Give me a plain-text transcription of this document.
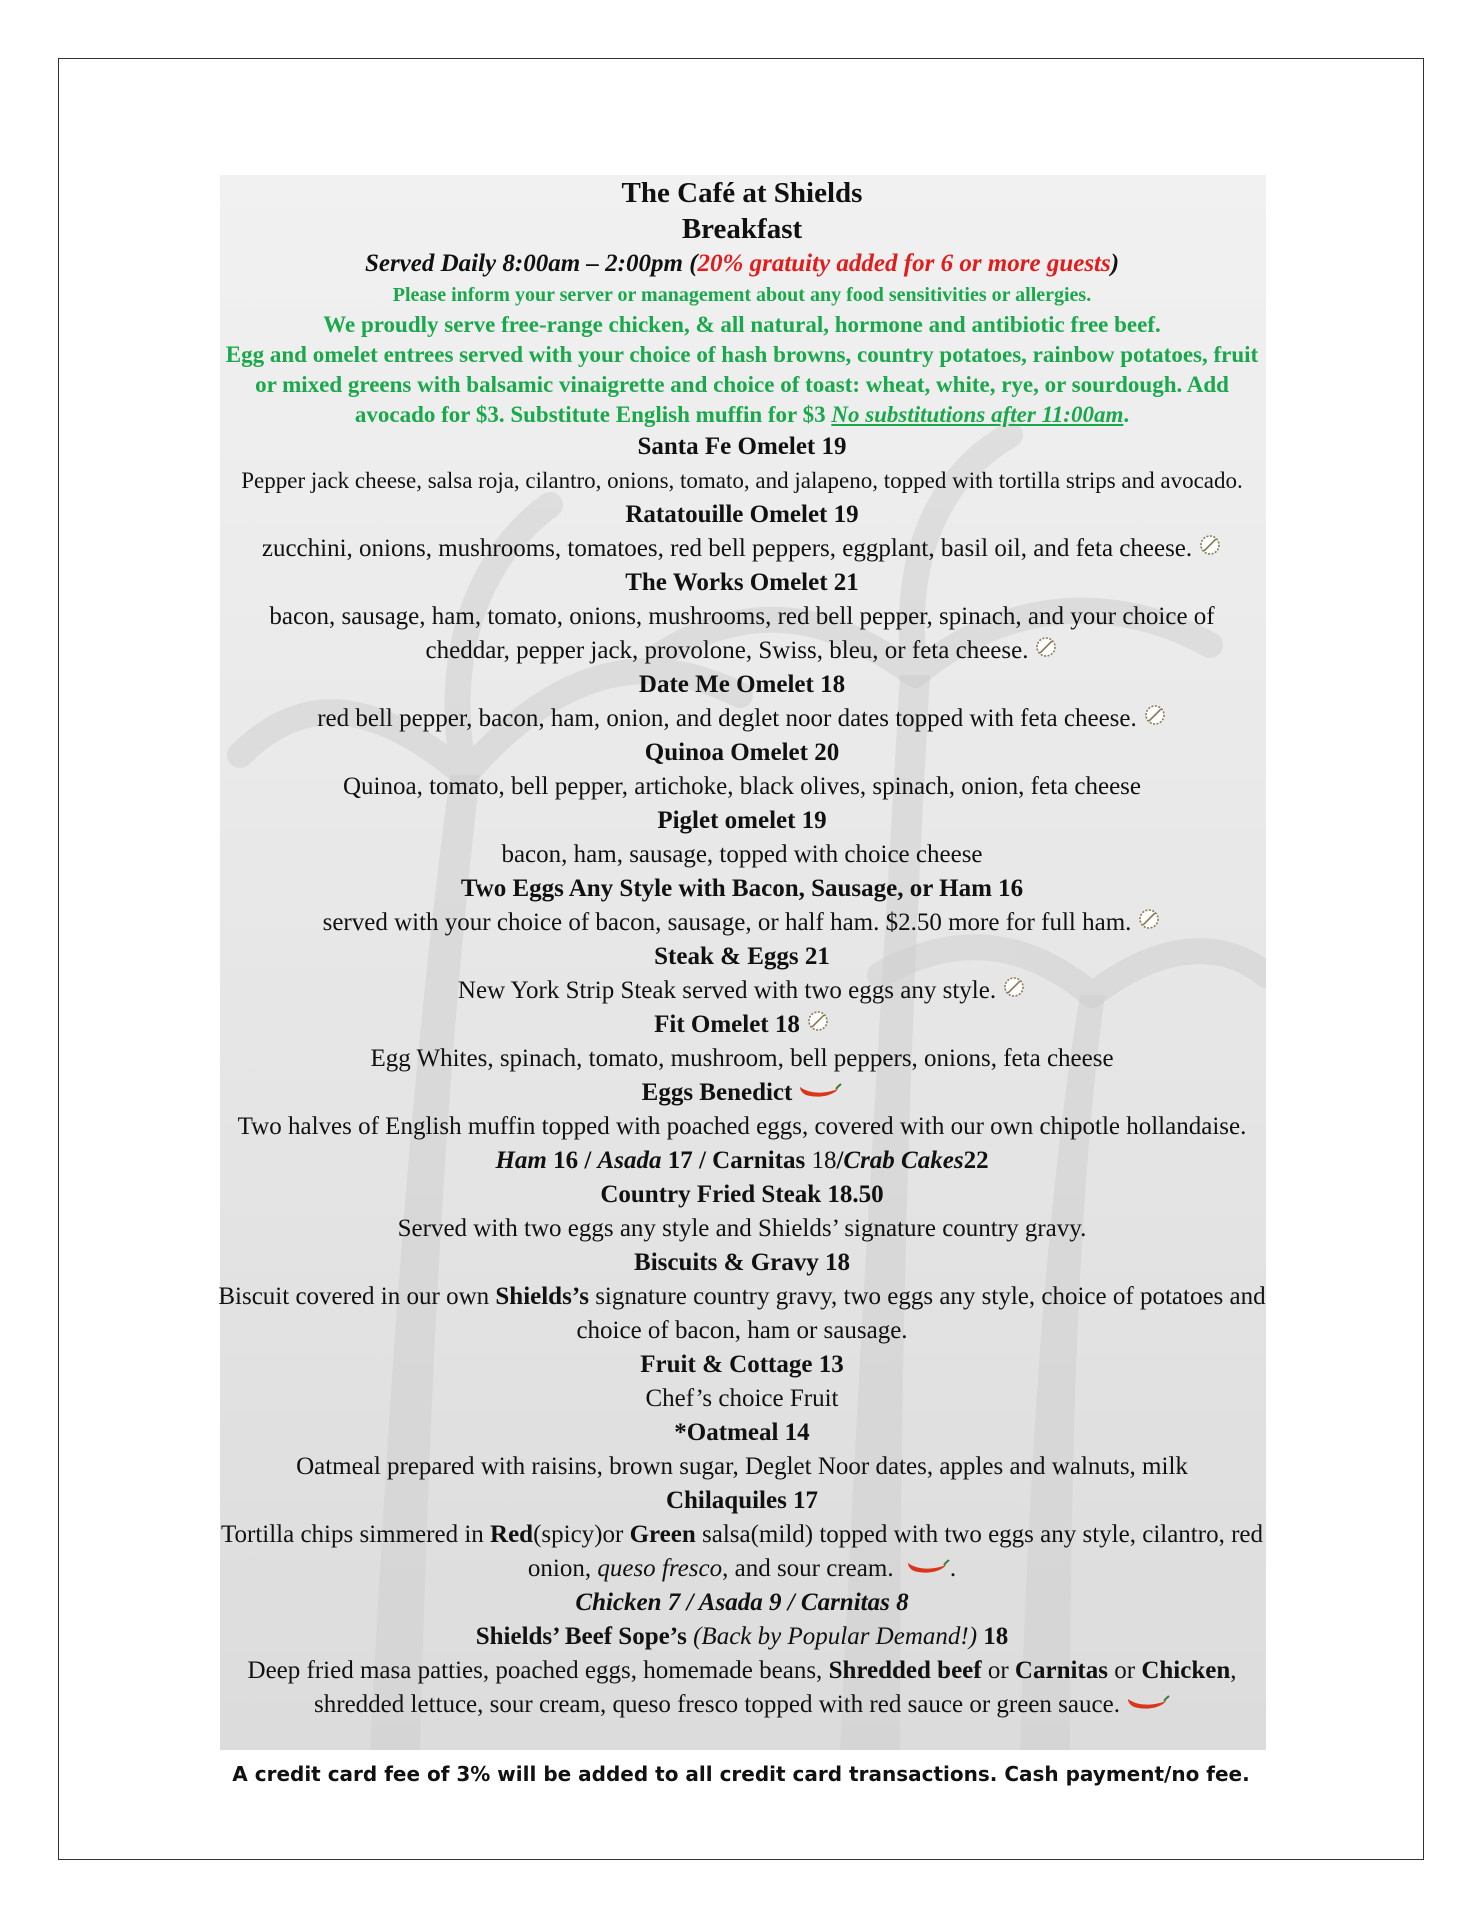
The Café at Shields
Breakfast
Served Daily 8:00am – 2:00pm (20% gratuity added for 6 or more guests)
Please inform your server or management about any food sensitivities or allergies.
We proudly serve free-range chicken, & all natural, hormone and antibiotic free beef.
Egg and omelet entrees served with your choice of hash browns, country potatoes, rainbow potatoes, fruit
or mixed greens with balsamic vinaigrette and choice of toast: wheat, white, rye, or sourdough. Add
avocado for $3. Substitute English muffin for $3 No substitutions after 11:00am.
Santa Fe Omelet 19
Pepper jack cheese, salsa roja, cilantro, onions, tomato, and jalapeno, topped with tortilla strips and avocado.
Ratatouille Omelet 19
zucchini, onions, mushrooms, tomatoes, red bell peppers, eggplant, basil oil, and feta cheese.
The Works Omelet 21
bacon, sausage, ham, tomato, onions, mushrooms, red bell pepper, spinach, and your choice of
cheddar, pepper jack, provolone, Swiss, bleu, or feta cheese.
Date Me Omelet 18
red bell pepper, bacon, ham, onion, and deglet noor dates topped with feta cheese.
Quinoa Omelet 20
Quinoa, tomato, bell pepper, artichoke, black olives, spinach, onion, feta cheese
Piglet omelet 19
bacon, ham, sausage, topped with choice cheese
Two Eggs Any Style with Bacon, Sausage, or Ham 16
served with your choice of bacon, sausage, or half ham. $2.50 more for full ham.
Steak & Eggs 21
New York Strip Steak served with two eggs any style.
Fit Omelet 18
Egg Whites, spinach, tomato, mushroom, bell peppers, onions, feta cheese
Eggs Benedict
Two halves of English muffin topped with poached eggs, covered with our own chipotle hollandaise.
Ham 16 / Asada 17 / Carnitas 18/Crab Cakes22
Country Fried Steak 18.50
Served with two eggs any style and Shields’ signature country gravy.
Biscuits & Gravy 18
Biscuit covered in our own Shields’s signature country gravy, two eggs any style, choice of potatoes and
choice of bacon, ham or sausage.
Fruit & Cottage 13
Chef’s choice Fruit
*Oatmeal 14
Oatmeal prepared with raisins, brown sugar, Deglet Noor dates, apples and walnuts, milk
Chilaquiles 17
Tortilla chips simmered in Red(spicy)or Green salsa(mild) topped with two eggs any style, cilantro, red
onion, queso fresco, and sour cream. .
Chicken 7 / Asada 9 / Carnitas 8
Shields’ Beef Sope’s (Back by Popular Demand!) 18
Deep fried masa patties, poached eggs, homemade beans, Shredded beef or Carnitas or Chicken,
shredded lettuce, sour cream, queso fresco topped with red sauce or green sauce.
A credit card fee of 3% will be added to all credit card transactions. Cash payment/no fee.
